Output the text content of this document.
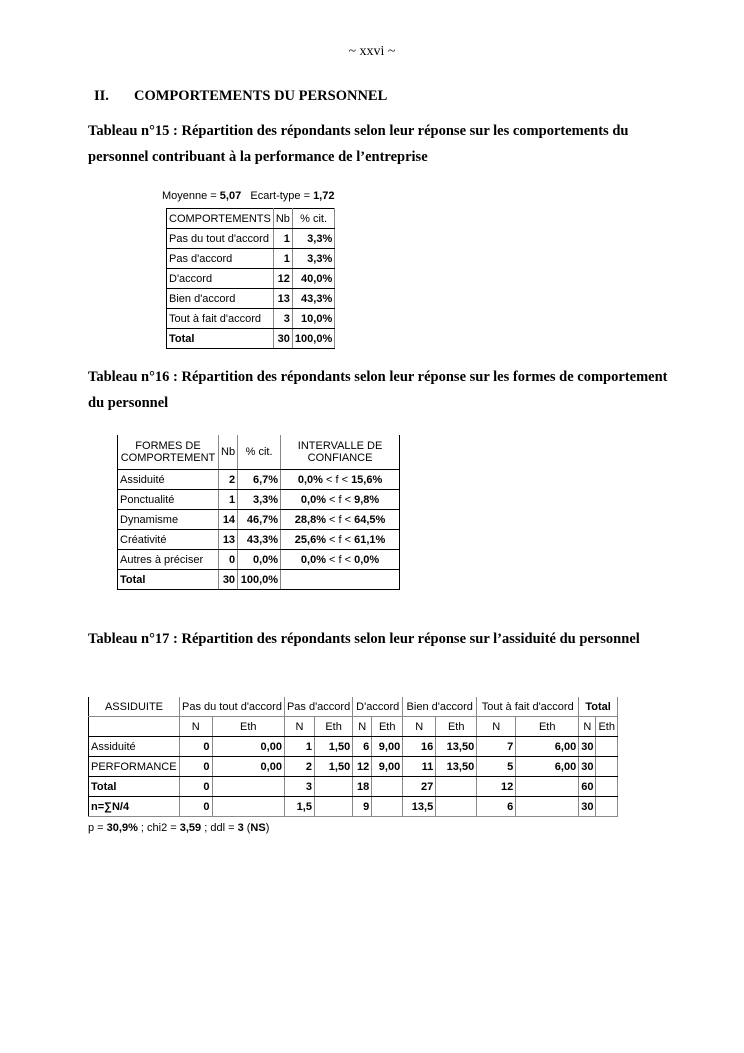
~ xxvi ~
II. COMPORTEMENTS DU PERSONNEL
Tableau n°15 : Répartition des répondants selon leur réponse sur les comportements du personnel contribuant à la performance de l’entreprise
Moyenne = 5,07 Ecart-type = 1,72
COMPORTEMENTS	Nb	% cit.
Pas du tout d'accord	1	3,3%
Pas d'accord	1	3,3%
D'accord	12	40,0%
Bien d'accord	13	43,3%
Tout à fait d'accord	3	10,0%
Total	30	100,0%
Tableau n°16 : Répartition des répondants selon leur réponse sur les formes de comportement du personnel
FORMES DE COMPORTEMENT	Nb	% cit.	INTERVALLE DE CONFIANCE
Assiduité	2	6,7%	0,0% < f < 15,6%
Ponctualité	1	3,3%	0,0% < f < 9,8%
Dynamisme	14	46,7%	28,8% < f < 64,5%
Créativité	13	43,3%	25,6% < f < 61,1%
Autres à préciser	0	0,0%	0,0% < f < 0,0%
Total	30	100,0%	
Tableau n°17 : Répartition des répondants selon leur réponse sur l’assiduité du personnel
ASSIDUITE	Pas du tout d'accord		Pas d'accord		D'accord		Bien d'accord		Tout à fait d'accord		Total	
	N	Eth	N	Eth	N	Eth	N	Eth	N	Eth	N	Eth
Assiduité	0	0,00	1	1,50	6	9,00	16	13,50	7	6,00	30	
PERFORMANCE	0	0,00	2	1,50	12	9,00	11	13,50	5	6,00	30	
Total	0		3		18		27		12		60	
n=∑N/4	0		1,5		9		13,5		6		30	
p = 30,9% ; chi2 = 3,59 ; ddl = 3 (NS)
